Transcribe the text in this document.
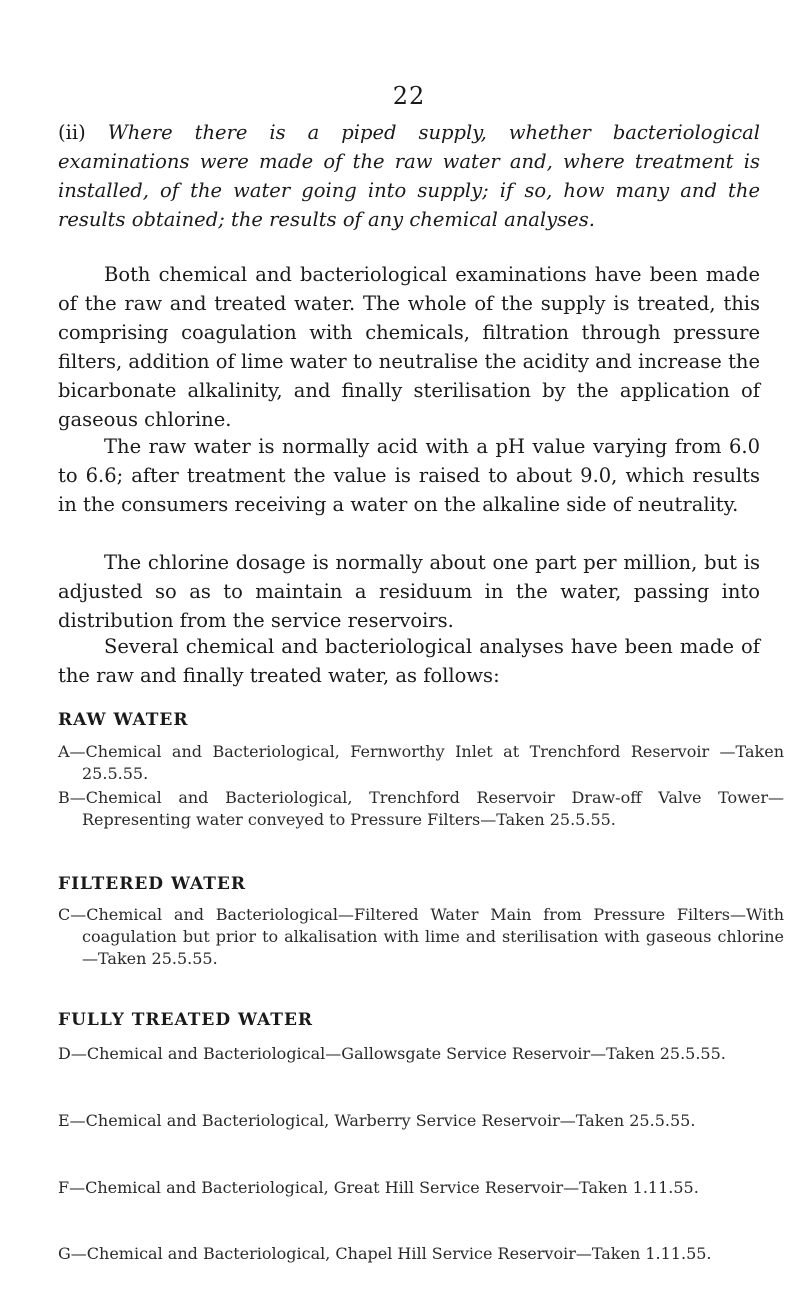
22

(ii) Where there is a piped supply, whether bacteriological examinations were made of the raw water and, where treatment is installed, of the water going into supply; if so, how many and the results obtained; the results of any chemical analyses.

Both chemical and bacteriological examinations have been made of the raw and treated water. The whole of the supply is treated, this comprising coagulation with chemicals, filtration through pressure filters, addition of lime water to neutralise the acidity and increase the bicarbonate alkalinity, and finally sterilisation by the application of gaseous chlorine.

The raw water is normally acid with a pH value varying from 6.0 to 6.6; after treatment the value is raised to about 9.0, which results in the consumers receiving a water on the alkaline side of neutrality.

The chlorine dosage is normally about one part per million, but is adjusted so as to maintain a residuum in the water, passing into distribution from the service reservoirs.

Several chemical and bacteriological analyses have been made of the raw and finally treated water, as follows:

RAW WATER

A—Chemical and Bacteriological, Fernworthy Inlet at Trenchford Reservoir —Taken 25.5.55.

B—Chemical and Bacteriological, Trenchford Reservoir Draw-off Valve Tower—Representing water conveyed to Pressure Filters—Taken 25.5.55.

FILTERED WATER

C—Chemical and Bacteriological—Filtered Water Main from Pressure Filters—With coagulation but prior to alkalisation with lime and sterilisation with gaseous chlorine—Taken 25.5.55.

FULLY TREATED WATER

D—Chemical and Bacteriological—Gallowsgate Service Reservoir—Taken 25.5.55.

E—Chemical and Bacteriological, Warberry Service Reservoir—Taken 25.5.55.

F—Chemical and Bacteriological, Great Hill Service Reservoir—Taken 1.11.55.

G—Chemical and Bacteriological, Chapel Hill Service Reservoir—Taken 1.11.55.
